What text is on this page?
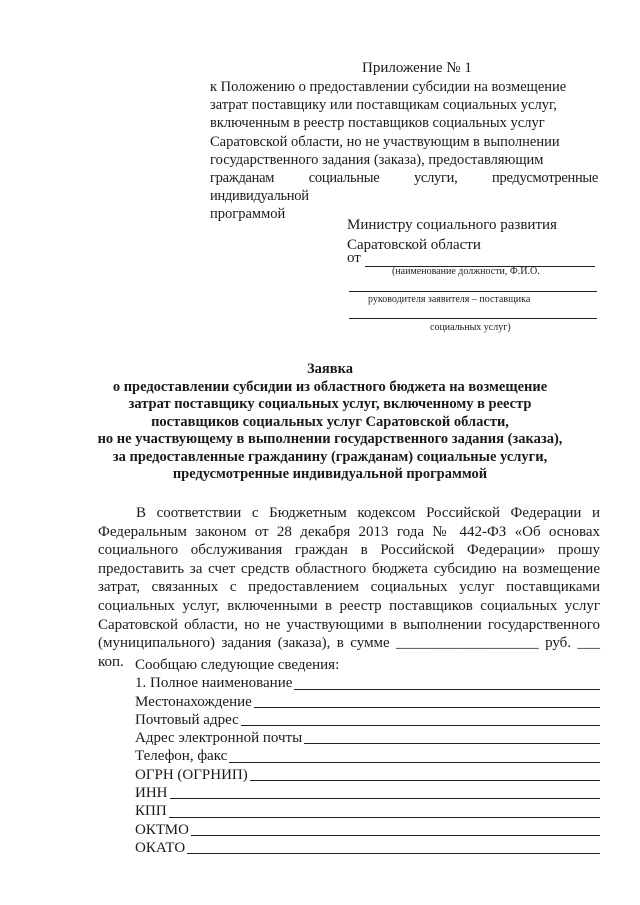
Приложение № 1

к Положению о предоставлении субсидии на возмещение

затрат поставщику или поставщикам социальных услуг,

включенным в реестр поставщиков социальных услуг

Саратовской области, но не участвующим в выполнении

государственного задания (заказа), предоставляющим

гражданам социальные услуги, предусмотренные индивидуальной

программой

Министру социального развития
Саратовской области
от
(наименование должности, Ф.И.О.
руководителя заявителя – поставщика
социальных услуг)
Заявка
о предоставлении субсидии из областного бюджета на возмещение
затрат поставщику социальных услуг, включенному в реестр
поставщиков социальных услуг Саратовской области,
но не участвующему в выполнении государственного задания (заказа),
за предоставленные гражданину (гражданам) социальные услуги,
предусмотренные индивидуальной программой

В соответствии с Бюджетным кодексом Российской Федерации и Федеральным законом от 28 декабря 2013 года № 442-ФЗ «Об основах социального обслуживания граждан в Российской Федерации» прошу предоставить за счет средств областного бюджета субсидию на возмещение затрат, связанных с предоставлением социальных услуг поставщиками социальных услуг, включенными в реестр поставщиков социальных услуг Саратовской области, но не участвующими в выполнении государственного (муниципального) задания (заказа), в сумме ___________________ руб. ___ коп. Сообщаю следующие сведения:
1. Полное наименование
Местонахождение
Почтовый адрес
Адрес электронной почты
Телефон, факс
ОГРН (ОГРНИП)
ИНН
КПП
ОКТМО
ОКАТО
